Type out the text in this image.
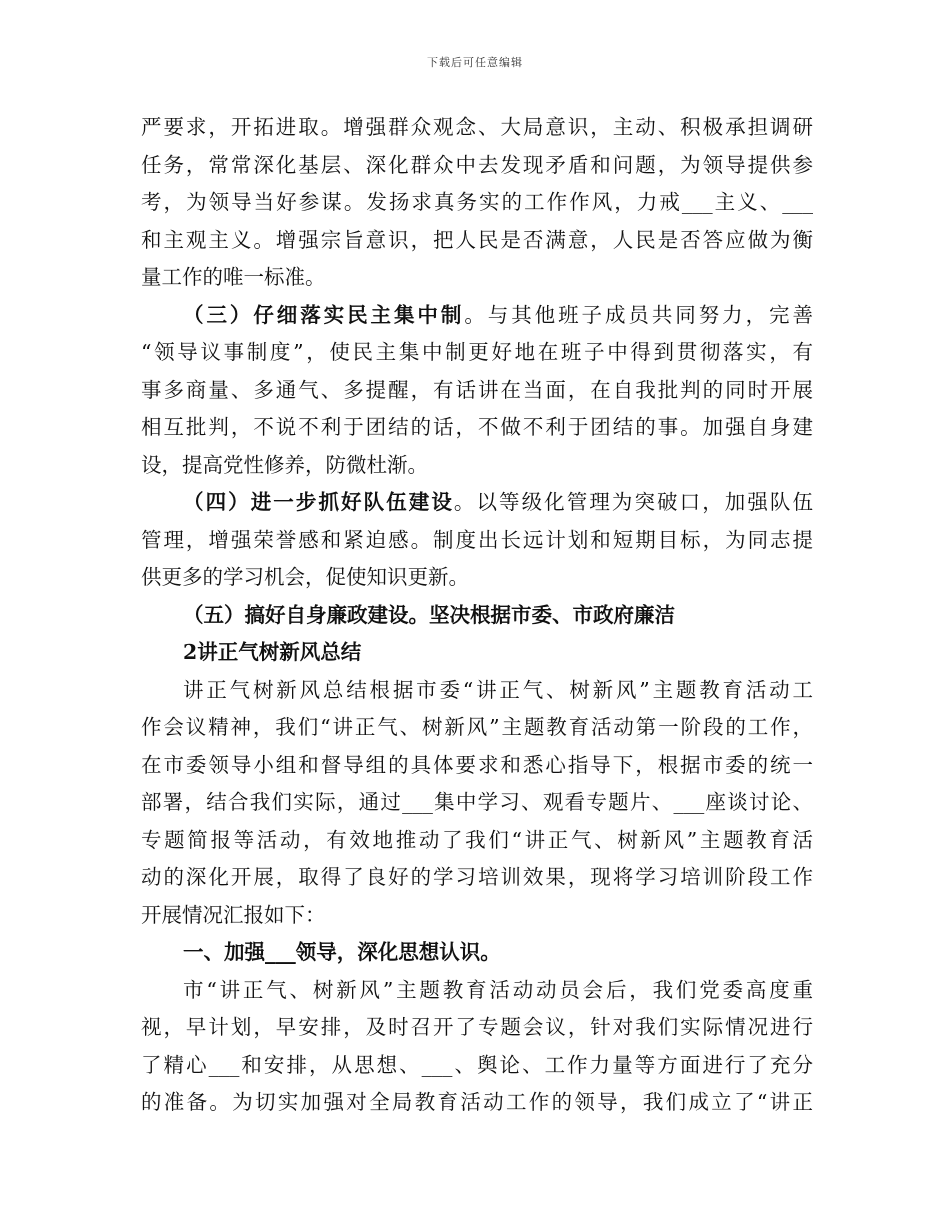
下载后可任意编辑
严要求，开拓进取。增强群众观念、大局意识，主动、积极承担调研
任务，常常深化基层、深化群众中去发现矛盾和问题，为领导提供参
考，为领导当好参谋。发扬求真务实的工作作风，力戒___主义、___
和主观主义。增强宗旨意识，把人民是否满意，人民是否答应做为衡
量工作的唯一标准。
（三）仔细落实民主集中制。与其他班子成员共同努力，完善
“领导议事制度”，使民主集中制更好地在班子中得到贯彻落实，有
事多商量、多通气、多提醒，有话讲在当面，在自我批判的同时开展
相互批判，不说不利于团结的话，不做不利于团结的事。加强自身建
设，提高党性修养，防微杜渐。
（四）进一步抓好队伍建设。以等级化管理为突破口，加强队伍
管理，增强荣誉感和紧迫感。制度出长远计划和短期目标，为同志提
供更多的学习机会，促使知识更新。
（五）搞好自身廉政建设。坚决根据市委、市政府廉洁
2讲正气树新风总结
讲正气树新风总结根据市委“讲正气、树新风”主题教育活动工
作会议精神，我们“讲正气、树新风”主题教育活动第一阶段的工作，
在市委领导小组和督导组的具体要求和悉心指导下，根据市委的统一
部署，结合我们实际，通过___集中学习、观看专题片、___座谈讨论、
专题简报等活动，有效地推动了我们“讲正气、树新风”主题教育活
动的深化开展，取得了良好的学习培训效果，现将学习培训阶段工作
开展情况汇报如下：
一、加强___领导，深化思想认识。
市“讲正气、树新风”主题教育活动动员会后，我们党委高度重
视，早计划，早安排，及时召开了专题会议，针对我们实际情况进行
了精心___和安排，从思想、___、舆论、工作力量等方面进行了充分
的准备。为切实加强对全局教育活动工作的领导，我们成立了“讲正
